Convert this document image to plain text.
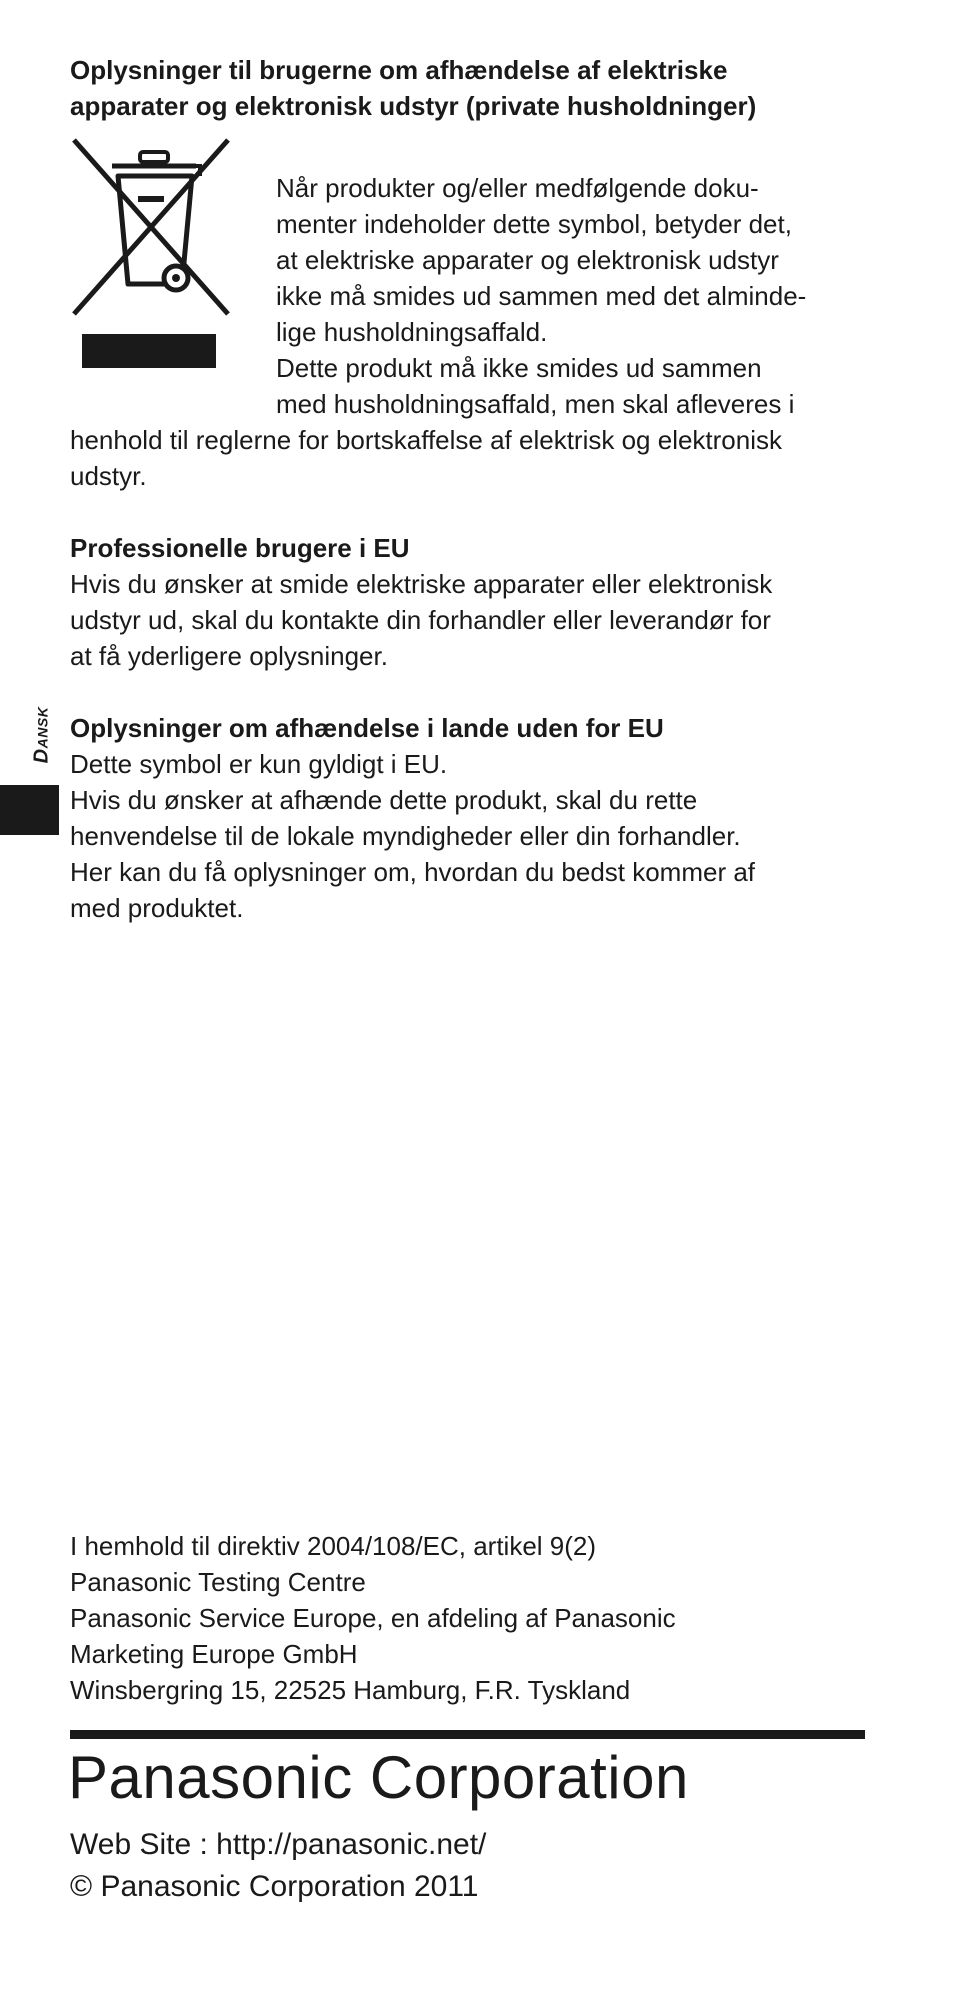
Dansk
Oplysninger til brugerne om afhændelse af elektriske
apparater og elektronisk udstyr (private husholdninger)

Når produkter og/eller medfølgende doku-
menter indeholder dette symbol, betyder det,
at elektriske apparater og elektronisk udstyr
ikke må smides ud sammen med det alminde-
lige husholdningsaffald.
Dette produkt må ikke smides ud sammen
med husholdningsaffald, men skal afleveres i

henhold til reglerne for bortskaffelse af elektrisk og elektronisk
udstyr.

Professionelle brugere i EU

Hvis du ønsker at smide elektriske apparater eller elektronisk
udstyr ud, skal du kontakte din forhandler eller leverandør for
at få yderligere oplysninger.

Oplysninger om afhændelse i lande uden for EU

Dette symbol er kun gyldigt i EU.
Hvis du ønsker at afhænde dette produkt, skal du rette
henvendelse til de lokale myndigheder eller din forhandler.
Her kan du få oplysninger om, hvordan du bedst kommer af
med produktet.

I hemhold til direktiv 2004/108/EC, artikel 9(2)
Panasonic Testing Centre
Panasonic Service Europe, en afdeling af Panasonic
Marketing Europe GmbH
Winsbergring 15, 22525 Hamburg, F.R. Tyskland
Panasonic Corporation
Web Site : http://panasonic.net/
© Panasonic Corporation 2011
